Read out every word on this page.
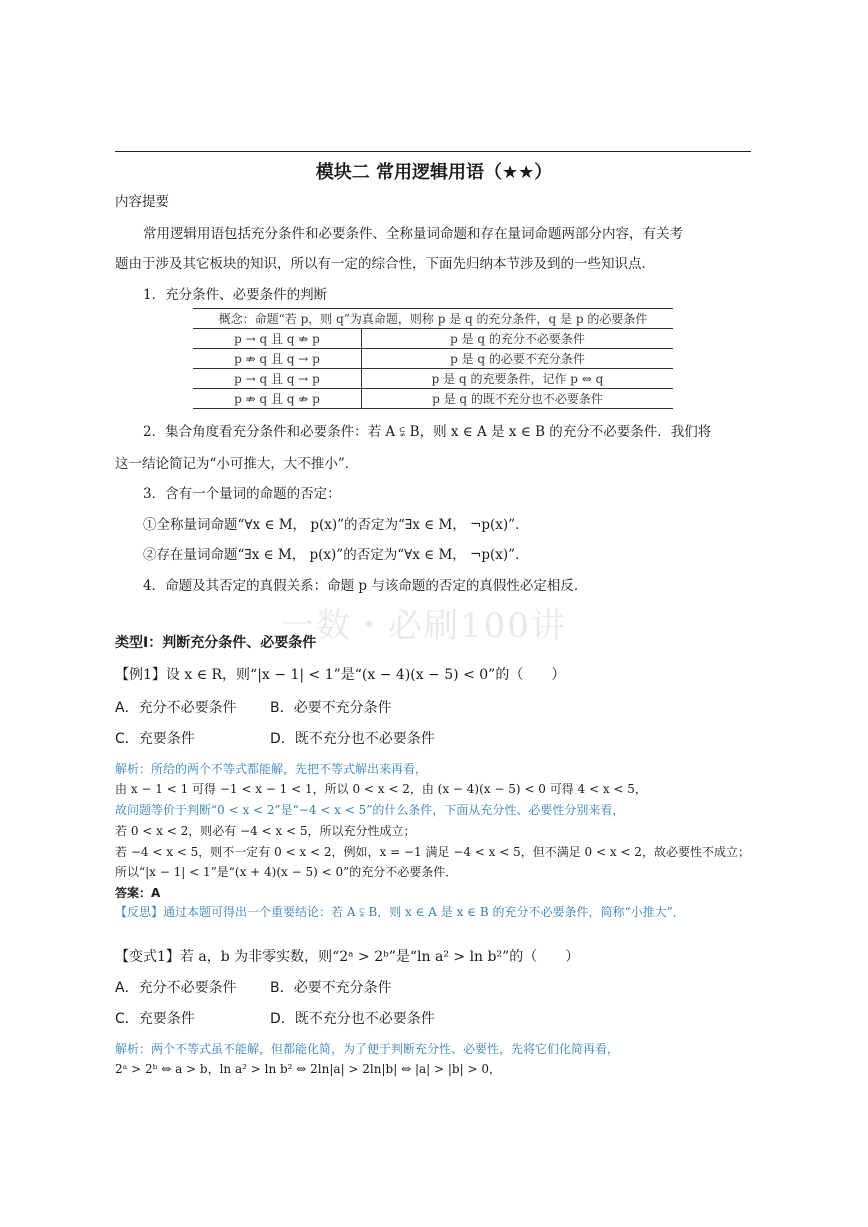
模块二 常用逻辑用语（★★）
内容提要
常用逻辑用语包括充分条件和必要条件、全称量词命题和存在量词命题两部分内容，有关考
题由于涉及其它板块的知识，所以有一定的综合性，下面先归纳本节涉及到的一些知识点．
1．充分条件、必要条件的判断
概念：命题“若 p，则 q”为真命题，则称 p 是 q 的充分条件，q 是 p 的必要条件	
p → q 且 q ⇏ p	p 是 q 的充分不必要条件
p ⇏ q 且 q → p	p 是 q 的必要不充分条件
p → q 且 q → p	p 是 q 的充要条件，记作 p ⇔ q
p ⇏ q 且 q ⇏ p	p 是 q 的既不充分也不必要条件
2．集合角度看充分条件和必要条件：若 A ⫋ B，则 x ∈ A 是 x ∈ B 的充分不必要条件．我们将
这一结论简记为“小可推大，大不推小”．
3．含有一个量词的命题的否定：
①全称量词命题“∀x ∈ M， p(x)”的否定为“∃x ∈ M， ¬p(x)”．
②存在量词命题“∃x ∈ M， p(x)”的否定为“∀x ∈ M， ¬p(x)”．
4．命题及其否定的真假关系：命题 p 与该命题的否定的真假性必定相反．
一数・必刷100讲
类型Ⅰ：判断充分条件、必要条件
【例1】设 x ∈ R，则“|x − 1| < 1”是“(x − 4)(x − 5) < 0”的（　　）
A．充分不必要条件 B．必要不充分条件
C．充要条件	D．既不充分也不必要条件
解析：所给的两个不等式都能解，先把不等式解出来再看，
由 x − 1 < 1 可得 −1 < x − 1 < 1，所以 0 < x < 2，由 (x − 4)(x − 5) < 0 可得 4 < x < 5，
故问题等价于判断“0 < x < 2”是“−4 < x < 5”的什么条件，下面从充分性、必要性分别来看，
若 0 < x < 2，则必有 −4 < x < 5，所以充分性成立；
若 −4 < x < 5，则不一定有 0 < x < 2，例如，x = −1 满足 −4 < x < 5，但不满足 0 < x < 2，故必要性不成立；
所以“|x − 1| < 1”是“(x + 4)(x − 5) < 0”的充分不必要条件．
答案：A
【反思】通过本题可得出一个重要结论：若 A ⫋ B，则 x ∈ A 是 x ∈ B 的充分不必要条件，简称“小推大”．
【变式1】若 a，b 为非零实数，则“2ᵃ > 2ᵇ”是“ln a² > ln b²”的（　　）
A．充分不必要条件 B．必要不充分条件
C．充要条件	D．既不充分也不必要条件
解析：两个不等式虽不能解，但都能化简，为了便于判断充分性、必要性，先将它们化简再看，
2ᵃ > 2ᵇ ⇔ a > b，ln a² > ln b² ⇔ 2ln|a| > 2ln|b| ⇔ |a| > |b| > 0，
